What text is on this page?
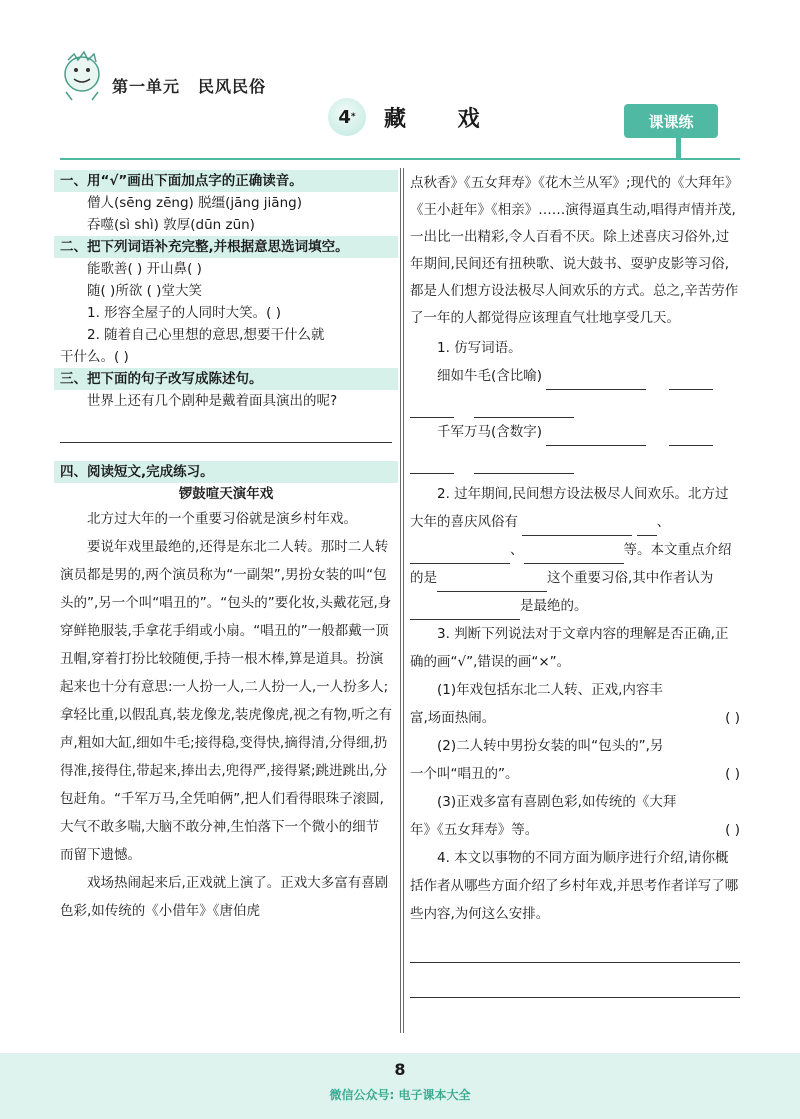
第一单元 民风民俗
4 * 藏 戏	课课练
一、用“√”画出下面加点字的正确读音。
僧人(sēng zēng) 脱缰(jāng jiāng)
吞噬(sì shì) 敦厚(dūn zūn)
二、把下列词语补充完整,并根据意思选词填空。
能歌善( ) 开山鼻( )
随( )所欲 ( )堂大笑
1. 形容全屋子的人同时大笑。( )
2. 随着自己心里想的意思,想要干什么就
干什么。( )
三、把下面的句子改写成陈述句。
世界上还有几个剧种是戴着面具演出的呢?
四、阅读短文,完成练习。
锣鼓喧天演年戏

北方过大年的一个重要习俗就是演乡村年戏。

要说年戏里最绝的,还得是东北二人转。那时二人转演员都是男的,两个演员称为“一副架”,男扮女装的叫“包头的”,另一个叫“唱丑的”。“包头的”要化妆,头戴花冠,身穿鲜艳服装,手拿花手绢或小扇。“唱丑的”一般都戴一顶丑帽,穿着打扮比较随便,手持一根木棒,算是道具。扮演起来也十分有意思:一人扮一人,二人扮一人,一人扮多人;拿轻比重,以假乱真,装龙像龙,装虎像虎,视之有物,听之有声,粗如大缸,细如牛毛;接得稳,变得快,摘得清,分得细,扔得准,接得住,带起来,捧出去,兜得严,接得紧;跳进跳出,分包赶角。“千军万马,全凭咱俩”,把人们看得眼珠子滚圆,大气不敢多喘,大脑不敢分神,生怕落下一个微小的细节而留下遗憾。

戏场热闹起来后,正戏就上演了。正戏大多富有喜剧色彩,如传统的《小借年》《唐伯虎

点秋香》《五女拜寿》《花木兰从军》;现代的《大拜年》《王小赶年》《相亲》……演得逼真生动,唱得声情并茂,一出比一出精彩,令人百看不厌。除上述喜庆习俗外,过年期间,民间还有扭秧歌、说大鼓书、耍驴皮影等习俗,都是人们想方设法极尽人间欢乐的方式。总之,辛苦劳作了一年的人都觉得应该理直气壮地享受几天。

1. 仿写词语。
细如牛毛(含比喻)

千军万马(含数字)

2. 过年期间,民间想方设法极尽人间欢乐。北方过大年的喜庆风俗有	、、	等。本文重点介绍的是	这个重要习俗,其中作者认为是最绝的。
3. 判断下列说法对于文章内容的理解是否正确,正确的画“√”,错误的画“×”。
(1)年戏包括东北二人转、正戏,内容丰
富,场面热闹。	( )
(2)二人转中男扮女装的叫“包头的”,另
一个叫“唱丑的”。	( )
(3)正戏多富有喜剧色彩,如传统的《大拜
年》《五女拜寿》等。	( )
4. 本文以事物的不同方面为顺序进行介绍,请你概括作者从哪些方面介绍了乡村年戏,并思考作者详写了哪些内容,为何这么安排。
8
微信公众号: 电子课本大全
